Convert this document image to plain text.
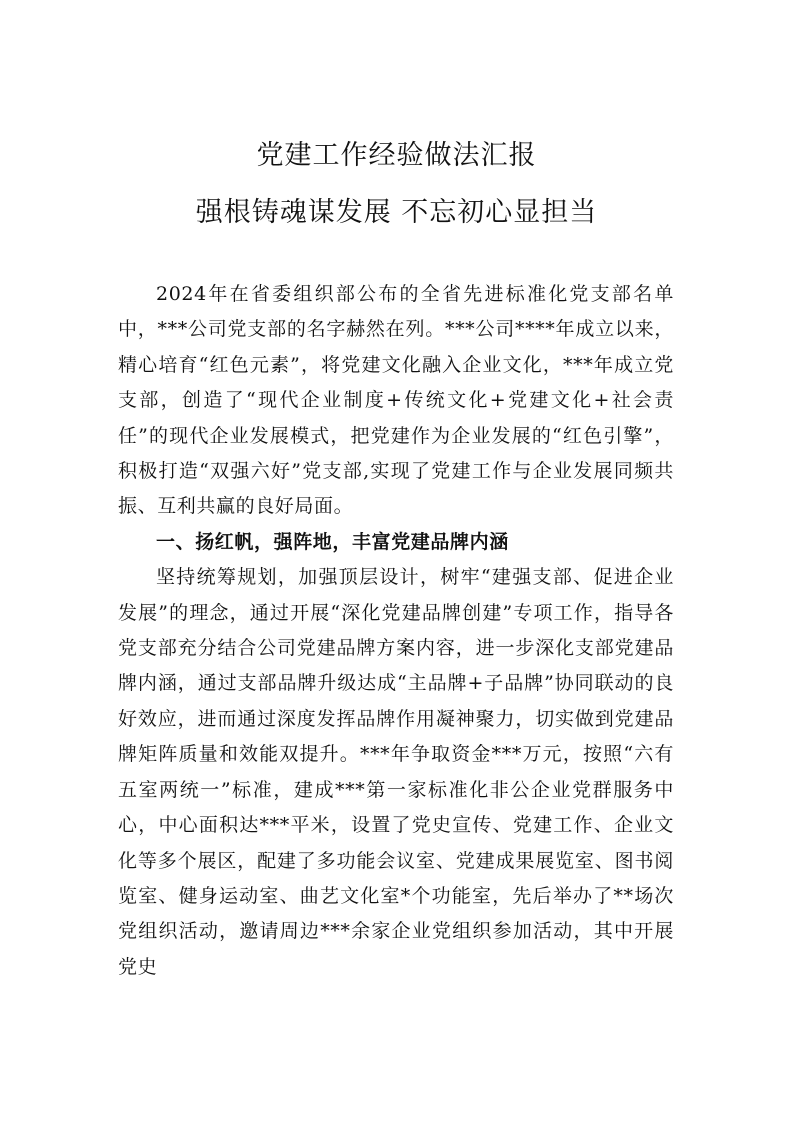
党建工作经验做法汇报
强根铸魂谋发展 不忘初心显担当

2024年在省委组织部公布的全省先进标准化党支部名单中，***公司党支部的名字赫然在列。***公司****年成立以来，精心培育“红色元素”，将党建文化融入企业文化，***年成立党支部，创造了“现代企业制度+传统文化+党建文化+社会责任”的现代企业发展模式，把党建作为企业发展的“红色引擎”，积极打造“双强六好”党支部,实现了党建工作与企业发展同频共振、互利共赢的良好局面。

一、扬红帆，强阵地，丰富党建品牌内涵

坚持统筹规划，加强顶层设计，树牢“建强支部、促进企业发展”的理念，通过开展“深化党建品牌创建”专项工作，指导各党支部充分结合公司党建品牌方案内容，进一步深化支部党建品牌内涵，通过支部品牌升级达成“主品牌+子品牌”协同联动的良好效应，进而通过深度发挥品牌作用凝神聚力，切实做到党建品牌矩阵质量和效能双提升。***年争取资金***万元，按照“六有五室两统一”标准，建成***第一家标准化非公企业党群服务中心，中心面积达***平米，设置了党史宣传、党建工作、企业文化等多个展区，配建了多功能会议室、党建成果展览室、图书阅览室、健身运动室、曲艺文化室*个功能室，先后举办了**场次党组织活动，邀请周边***余家企业党组织参加活动，其中开展党史
